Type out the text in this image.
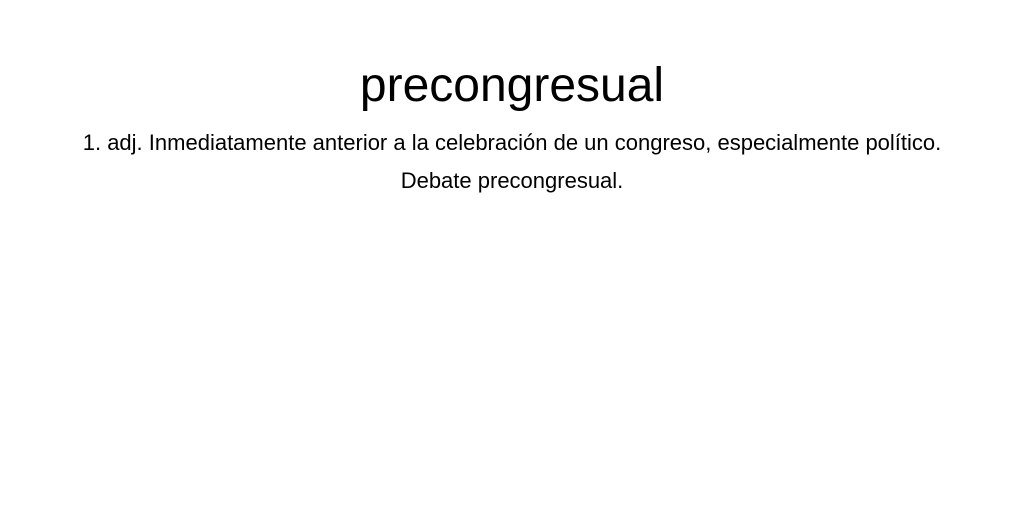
precongresual
1. adj. Inmediatamente anterior a la celebración de un congreso, especialmente político. Debate precongresual.
